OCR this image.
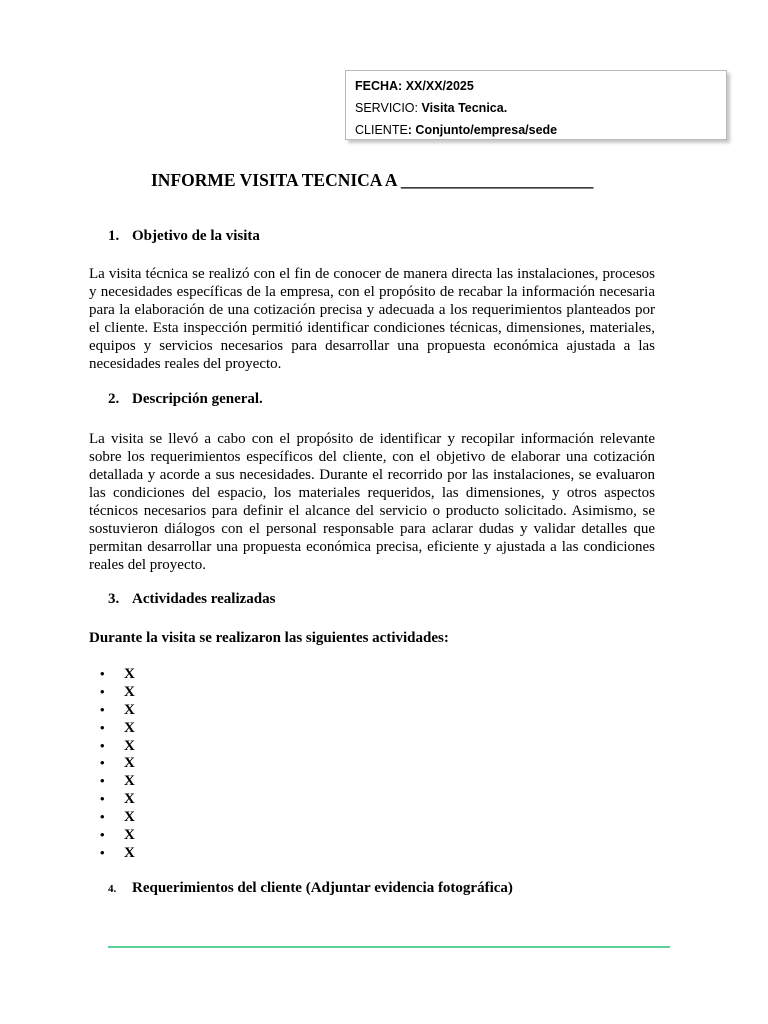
FECHA: XX/XX/2025
SERVICIO: Visita Tecnica.
CLIENTE: Conjunto/empresa/sede
INFORME VISITA TECNICA A ______________________
1. Objetivo de la visita
La visita técnica se realizó con el fin de conocer de manera directa las instalaciones, procesos
y necesidades específicas de la empresa, con el propósito de recabar la información necesaria
para la elaboración de una cotización precisa y adecuada a los requerimientos planteados por
el cliente. Esta inspección permitió identificar condiciones técnicas, dimensiones, materiales,
equipos y servicios necesarios para desarrollar una propuesta económica ajustada a las
necesidades reales del proyecto.
2. Descripción general.
La visita se llevó a cabo con el propósito de identificar y recopilar información relevante
sobre los requerimientos específicos del cliente, con el objetivo de elaborar una cotización
detallada y acorde a sus necesidades. Durante el recorrido por las instalaciones, se evaluaron
las condiciones del espacio, los materiales requeridos, las dimensiones, y otros aspectos
técnicos necesarios para definir el alcance del servicio o producto solicitado. Asimismo, se
sostuvieron diálogos con el personal responsable para aclarar dudas y validar detalles que
permitan desarrollar una propuesta económica precisa, eficiente y ajustada a las condiciones
reales del proyecto.
3. Actividades realizadas
Durante la visita se realizaron las siguientes actividades:
• X
• X
• X
• X
• X
• X
• X
• X
• X
• X
• X
4. Requerimientos del cliente (Adjuntar evidencia fotográfica)
